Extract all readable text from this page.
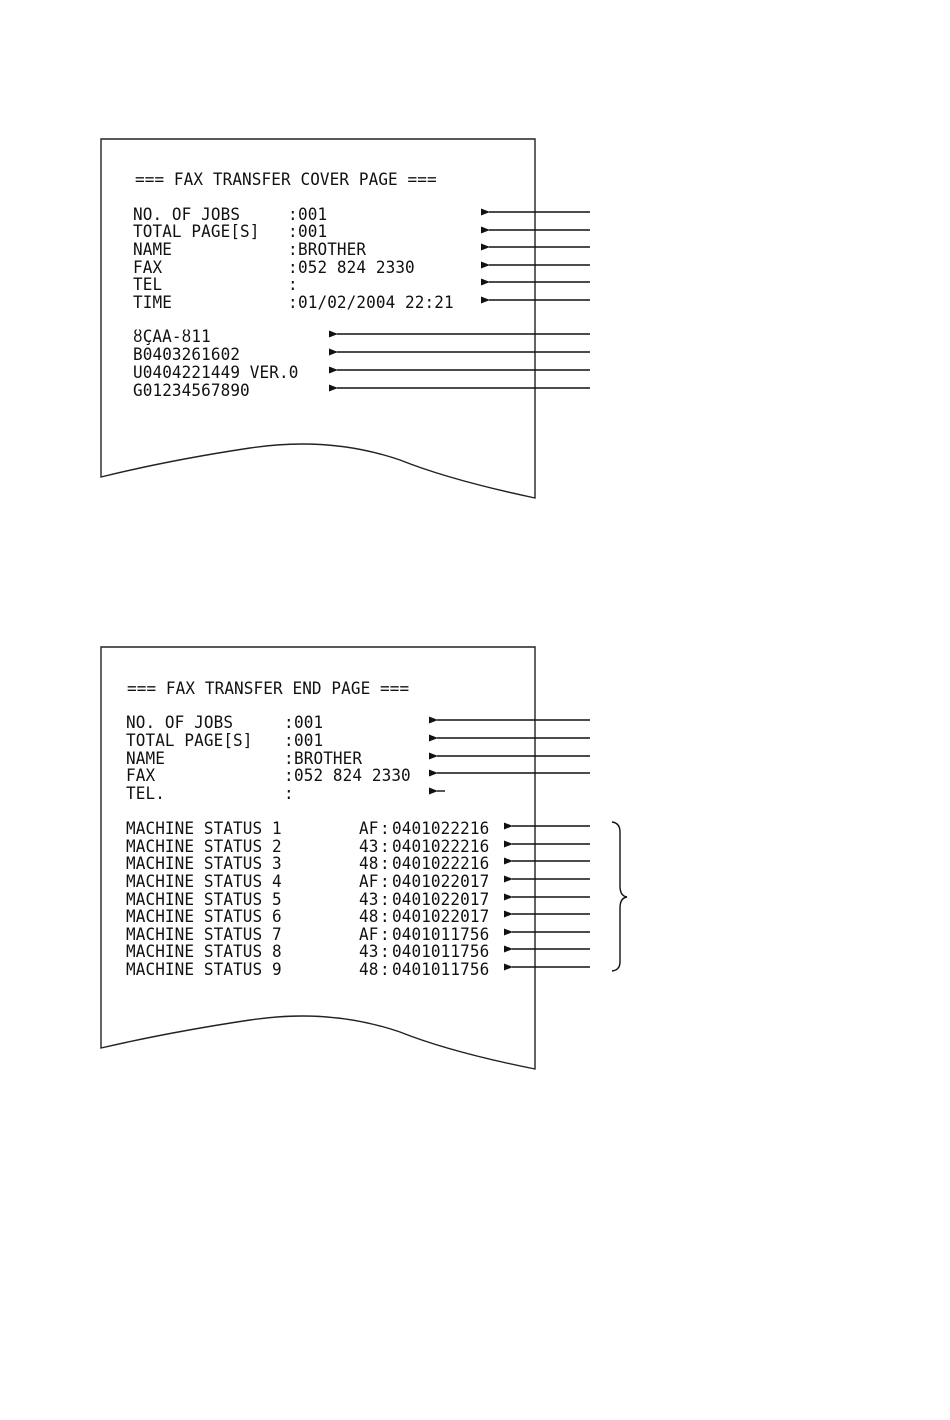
=== FAX TRANSFER COVER PAGE ===

NO. OF JOBS	: 001

TOTAL PAGE[S] : 001

NAME	: BROTHER

FAX	: 052 824 2330

TEL	:

TIME	: 01/02/2004 22:21

ȣÇAA-ȣ11

B0403261602

U0404221449 VER.0

G01234567890

=== FAX TRANSFER END PAGE ===

NO. OF JOBS	: 001

TOTAL PAGE[S] : 001

NAME	: BROTHER

FAX	: 052 824 2330

TEL.	:

MACHINE STATUS 1	AF : 0401022216

MACHINE STATUS 2	43 : 0401022216

MACHINE STATUS 3	48 : 0401022216

MACHINE STATUS 4	AF : 0401022017

MACHINE STATUS 5	43 : 0401022017

MACHINE STATUS 6	48 : 0401022017

MACHINE STATUS 7	AF : 0401011756

MACHINE STATUS 8	43 : 0401011756

MACHINE STATUS 9	48 : 0401011756
